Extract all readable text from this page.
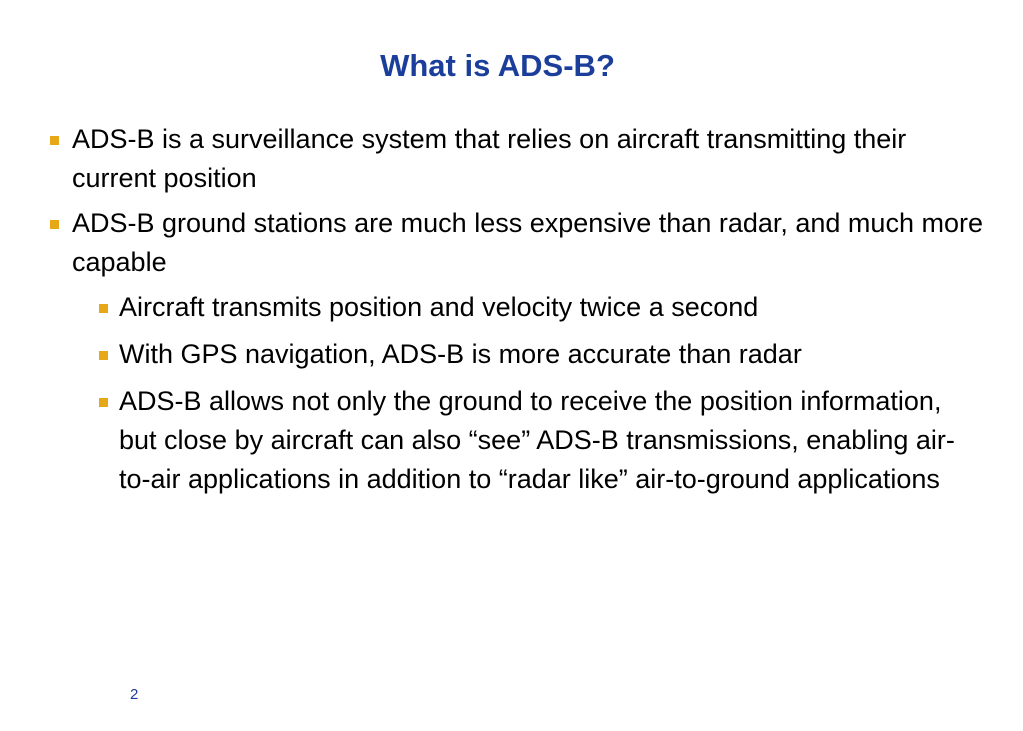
What is ADS-B?
ADS-B is a surveillance system that relies on aircraft transmitting their current position
ADS-B ground stations are much less expensive than radar, and much more capable
Aircraft transmits position and velocity twice a second
With GPS navigation, ADS-B is more accurate than radar
ADS-B allows not only the ground to receive the position information, but close by aircraft can also “see” ADS-B transmissions, enabling air-to-air applications in addition to “radar like” air-to-ground applications
2
